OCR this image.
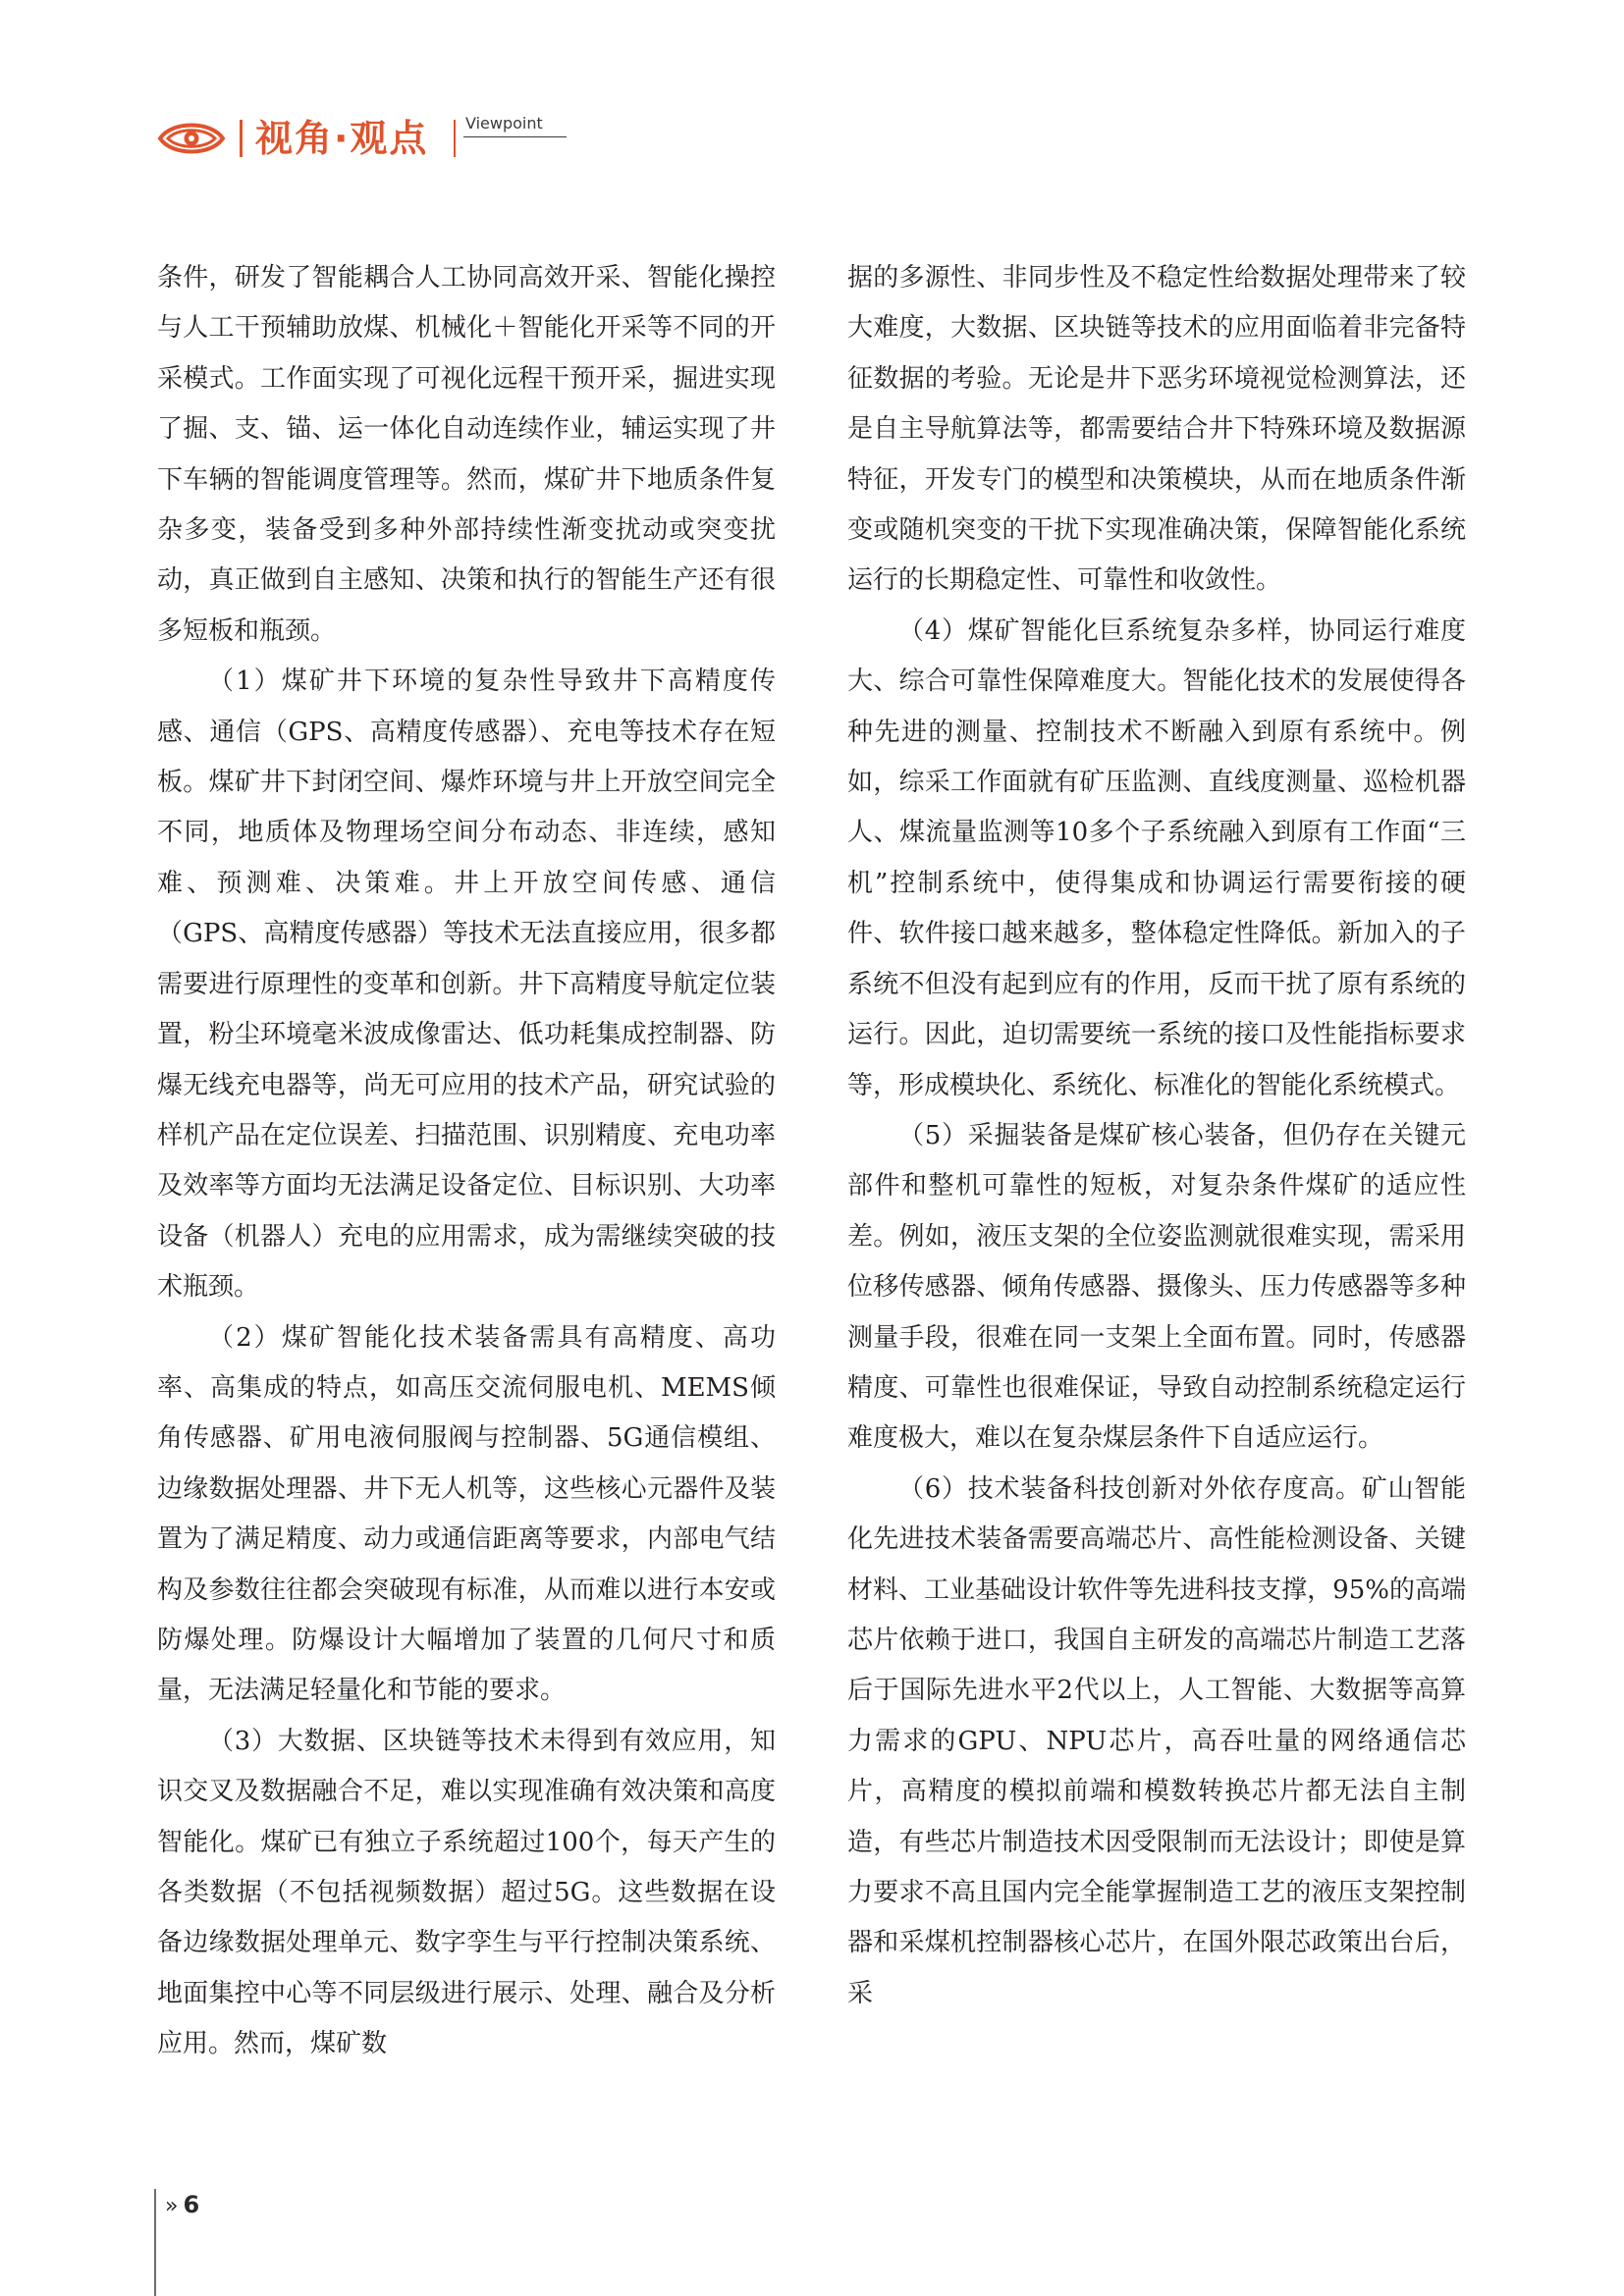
视角·观点 Viewpoint

条件，研发了智能耦合人工协同高效开采、智能化操控与人工干预辅助放煤、机械化＋智能化开采等不同的开采模式。工作面实现了可视化远程干预开采，掘进实现了掘、支、锚、运一体化自动连续作业，辅运实现了井下车辆的智能调度管理等。然而，煤矿井下地质条件复杂多变，装备受到多种外部持续性渐变扰动或突变扰动，真正做到自主感知、决策和执行的智能生产还有很多短板和瓶颈。

（1）煤矿井下环境的复杂性导致井下高精度传感、通信（GPS、高精度传感器）、充电等技术存在短板。煤矿井下封闭空间、爆炸环境与井上开放空间完全不同，地质体及物理场空间分布动态、非连续，感知难、预测难、决策难。井上开放空间传感、通信（GPS、高精度传感器）等技术无法直接应用，很多都需要进行原理性的变革和创新。井下高精度导航定位装置，粉尘环境毫米波成像雷达、低功耗集成控制器、防爆无线充电器等，尚无可应用的技术产品，研究试验的样机产品在定位误差、扫描范围、识别精度、充电功率及效率等方面均无法满足设备定位、目标识别、大功率设备（机器人）充电的应用需求，成为需继续突破的技术瓶颈。

（2）煤矿智能化技术装备需具有高精度、高功率、高集成的特点，如高压交流伺服电机、MEMS倾角传感器、矿用电液伺服阀与控制器、5G通信模组、边缘数据处理器、井下无人机等，这些核心元器件及装置为了满足精度、动力或通信距离等要求，内部电气结构及参数往往都会突破现有标准，从而难以进行本安或防爆处理。防爆设计大幅增加了装置的几何尺寸和质量，无法满足轻量化和节能的要求。

（3）大数据、区块链等技术未得到有效应用，知识交叉及数据融合不足，难以实现准确有效决策和高度智能化。煤矿已有独立子系统超过100个，每天产生的各类数据（不包括视频数据）超过5G。这些数据在设备边缘数据处理单元、数字孪生与平行控制决策系统、地面集控中心等不同层级进行展示、处理、融合及分析应用。然而，煤矿数

据的多源性、非同步性及不稳定性给数据处理带来了较大难度，大数据、区块链等技术的应用面临着非完备特征数据的考验。无论是井下恶劣环境视觉检测算法，还是自主导航算法等，都需要结合井下特殊环境及数据源特征，开发专门的模型和决策模块，从而在地质条件渐变或随机突变的干扰下实现准确决策，保障智能化系统运行的长期稳定性、可靠性和收敛性。

（4）煤矿智能化巨系统复杂多样，协同运行难度大、综合可靠性保障难度大。智能化技术的发展使得各种先进的测量、控制技术不断融入到原有系统中。例如，综采工作面就有矿压监测、直线度测量、巡检机器人、煤流量监测等10多个子系统融入到原有工作面“三机”控制系统中，使得集成和协调运行需要衔接的硬件、软件接口越来越多，整体稳定性降低。新加入的子系统不但没有起到应有的作用，反而干扰了原有系统的运行。因此，迫切需要统一系统的接口及性能指标要求等，形成模块化、系统化、标准化的智能化系统模式。

（5）采掘装备是煤矿核心装备，但仍存在关键元部件和整机可靠性的短板，对复杂条件煤矿的适应性差。例如，液压支架的全位姿监测就很难实现，需采用位移传感器、倾角传感器、摄像头、压力传感器等多种测量手段，很难在同一支架上全面布置。同时，传感器精度、可靠性也很难保证，导致自动控制系统稳定运行难度极大，难以在复杂煤层条件下自适应运行。

（6）技术装备科技创新对外依存度高。矿山智能化先进技术装备需要高端芯片、高性能检测设备、关键材料、工业基础设计软件等先进科技支撑，95%的高端芯片依赖于进口，我国自主研发的高端芯片制造工艺落后于国际先进水平2代以上，人工智能、大数据等高算力需求的GPU、NPU芯片，高吞吐量的网络通信芯片，高精度的模拟前端和模数转换芯片都无法自主制造，有些芯片制造技术因受限制而无法设计；即使是算力要求不高且国内完全能掌握制造工艺的液压支架控制器和采煤机控制器核心芯片，在国外限芯政策出台后，采

» 6
